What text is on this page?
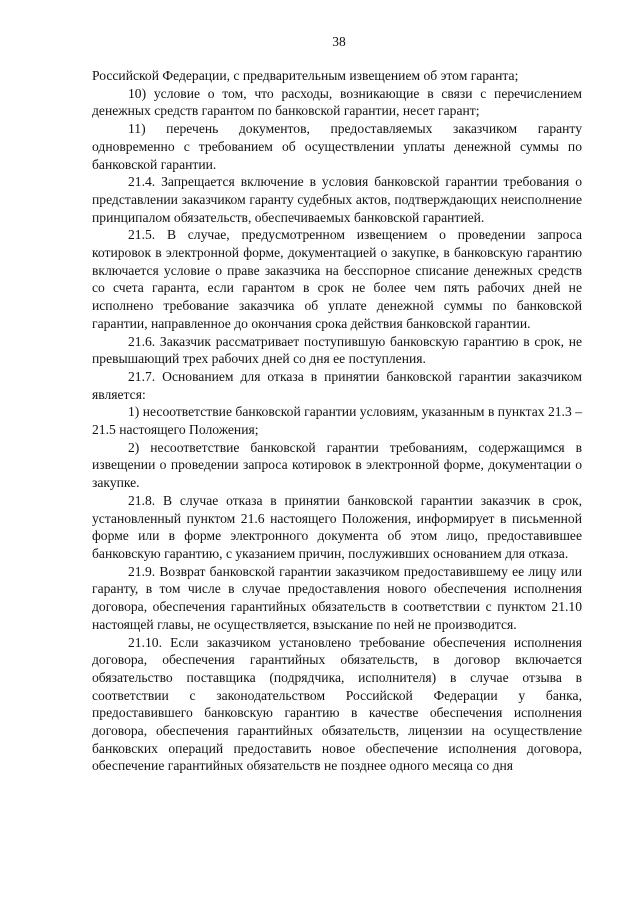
38

Российской Федерации, с предварительным извещением об этом гаранта;

10) условие о том, что расходы, возникающие в связи с перечислением денежных средств гарантом по банковской гарантии, несет гарант;

11) перечень документов, предоставляемых заказчиком гаранту одновременно с требованием об осуществлении уплаты денежной суммы по банковской гарантии.

21.4. Запрещается включение в условия банковской гарантии требования о представлении заказчиком гаранту судебных актов, подтверждающих неисполнение принципалом обязательств, обеспечиваемых банковской гарантией.

21.5. В случае, предусмотренном извещением о проведении запроса котировок в электронной форме, документацией о закупке, в банковскую гарантию включается условие о праве заказчика на бесспорное списание денежных средств со счета гаранта, если гарантом в срок не более чем пять рабочих дней не исполнено требование заказчика об уплате денежной суммы по банковской гарантии, направленное до окончания срока действия банковской гарантии.

21.6. Заказчик рассматривает поступившую банковскую гарантию в срок, не превышающий трех рабочих дней со дня ее поступления.

21.7. Основанием для отказа в принятии банковской гарантии заказчиком является:

1) несоответствие банковской гарантии условиям, указанным в пунктах 21.3 – 21.5 настоящего Положения;

2) несоответствие банковской гарантии требованиям, содержащимся в извещении о проведении запроса котировок в электронной форме, документации о закупке.

21.8. В случае отказа в принятии банковской гарантии заказчик в срок, установленный пунктом 21.6 настоящего Положения, информирует в письменной форме или в форме электронного документа об этом лицо, предоставившее банковскую гарантию, с указанием причин, послуживших основанием для отказа.

21.9. Возврат банковской гарантии заказчиком предоставившему ее лицу или гаранту, в том числе в случае предоставления нового обеспечения исполнения договора, обеспечения гарантийных обязательств в соответствии с пунктом 21.10 настоящей главы, не осуществляется, взыскание по ней не производится.

21.10. Если заказчиком установлено требование обеспечения исполнения договора, обеспечения гарантийных обязательств, в договор включается обязательство поставщика (подрядчика, исполнителя) в случае отзыва в соответствии с законодательством Российской Федерации у банка, предоставившего банковскую гарантию в качестве обеспечения исполнения договора, обеспечения гарантийных обязательств, лицензии на осуществление банковских операций предоставить новое обеспечение исполнения договора, обеспечение гарантийных обязательств не позднее одного месяца со дня
